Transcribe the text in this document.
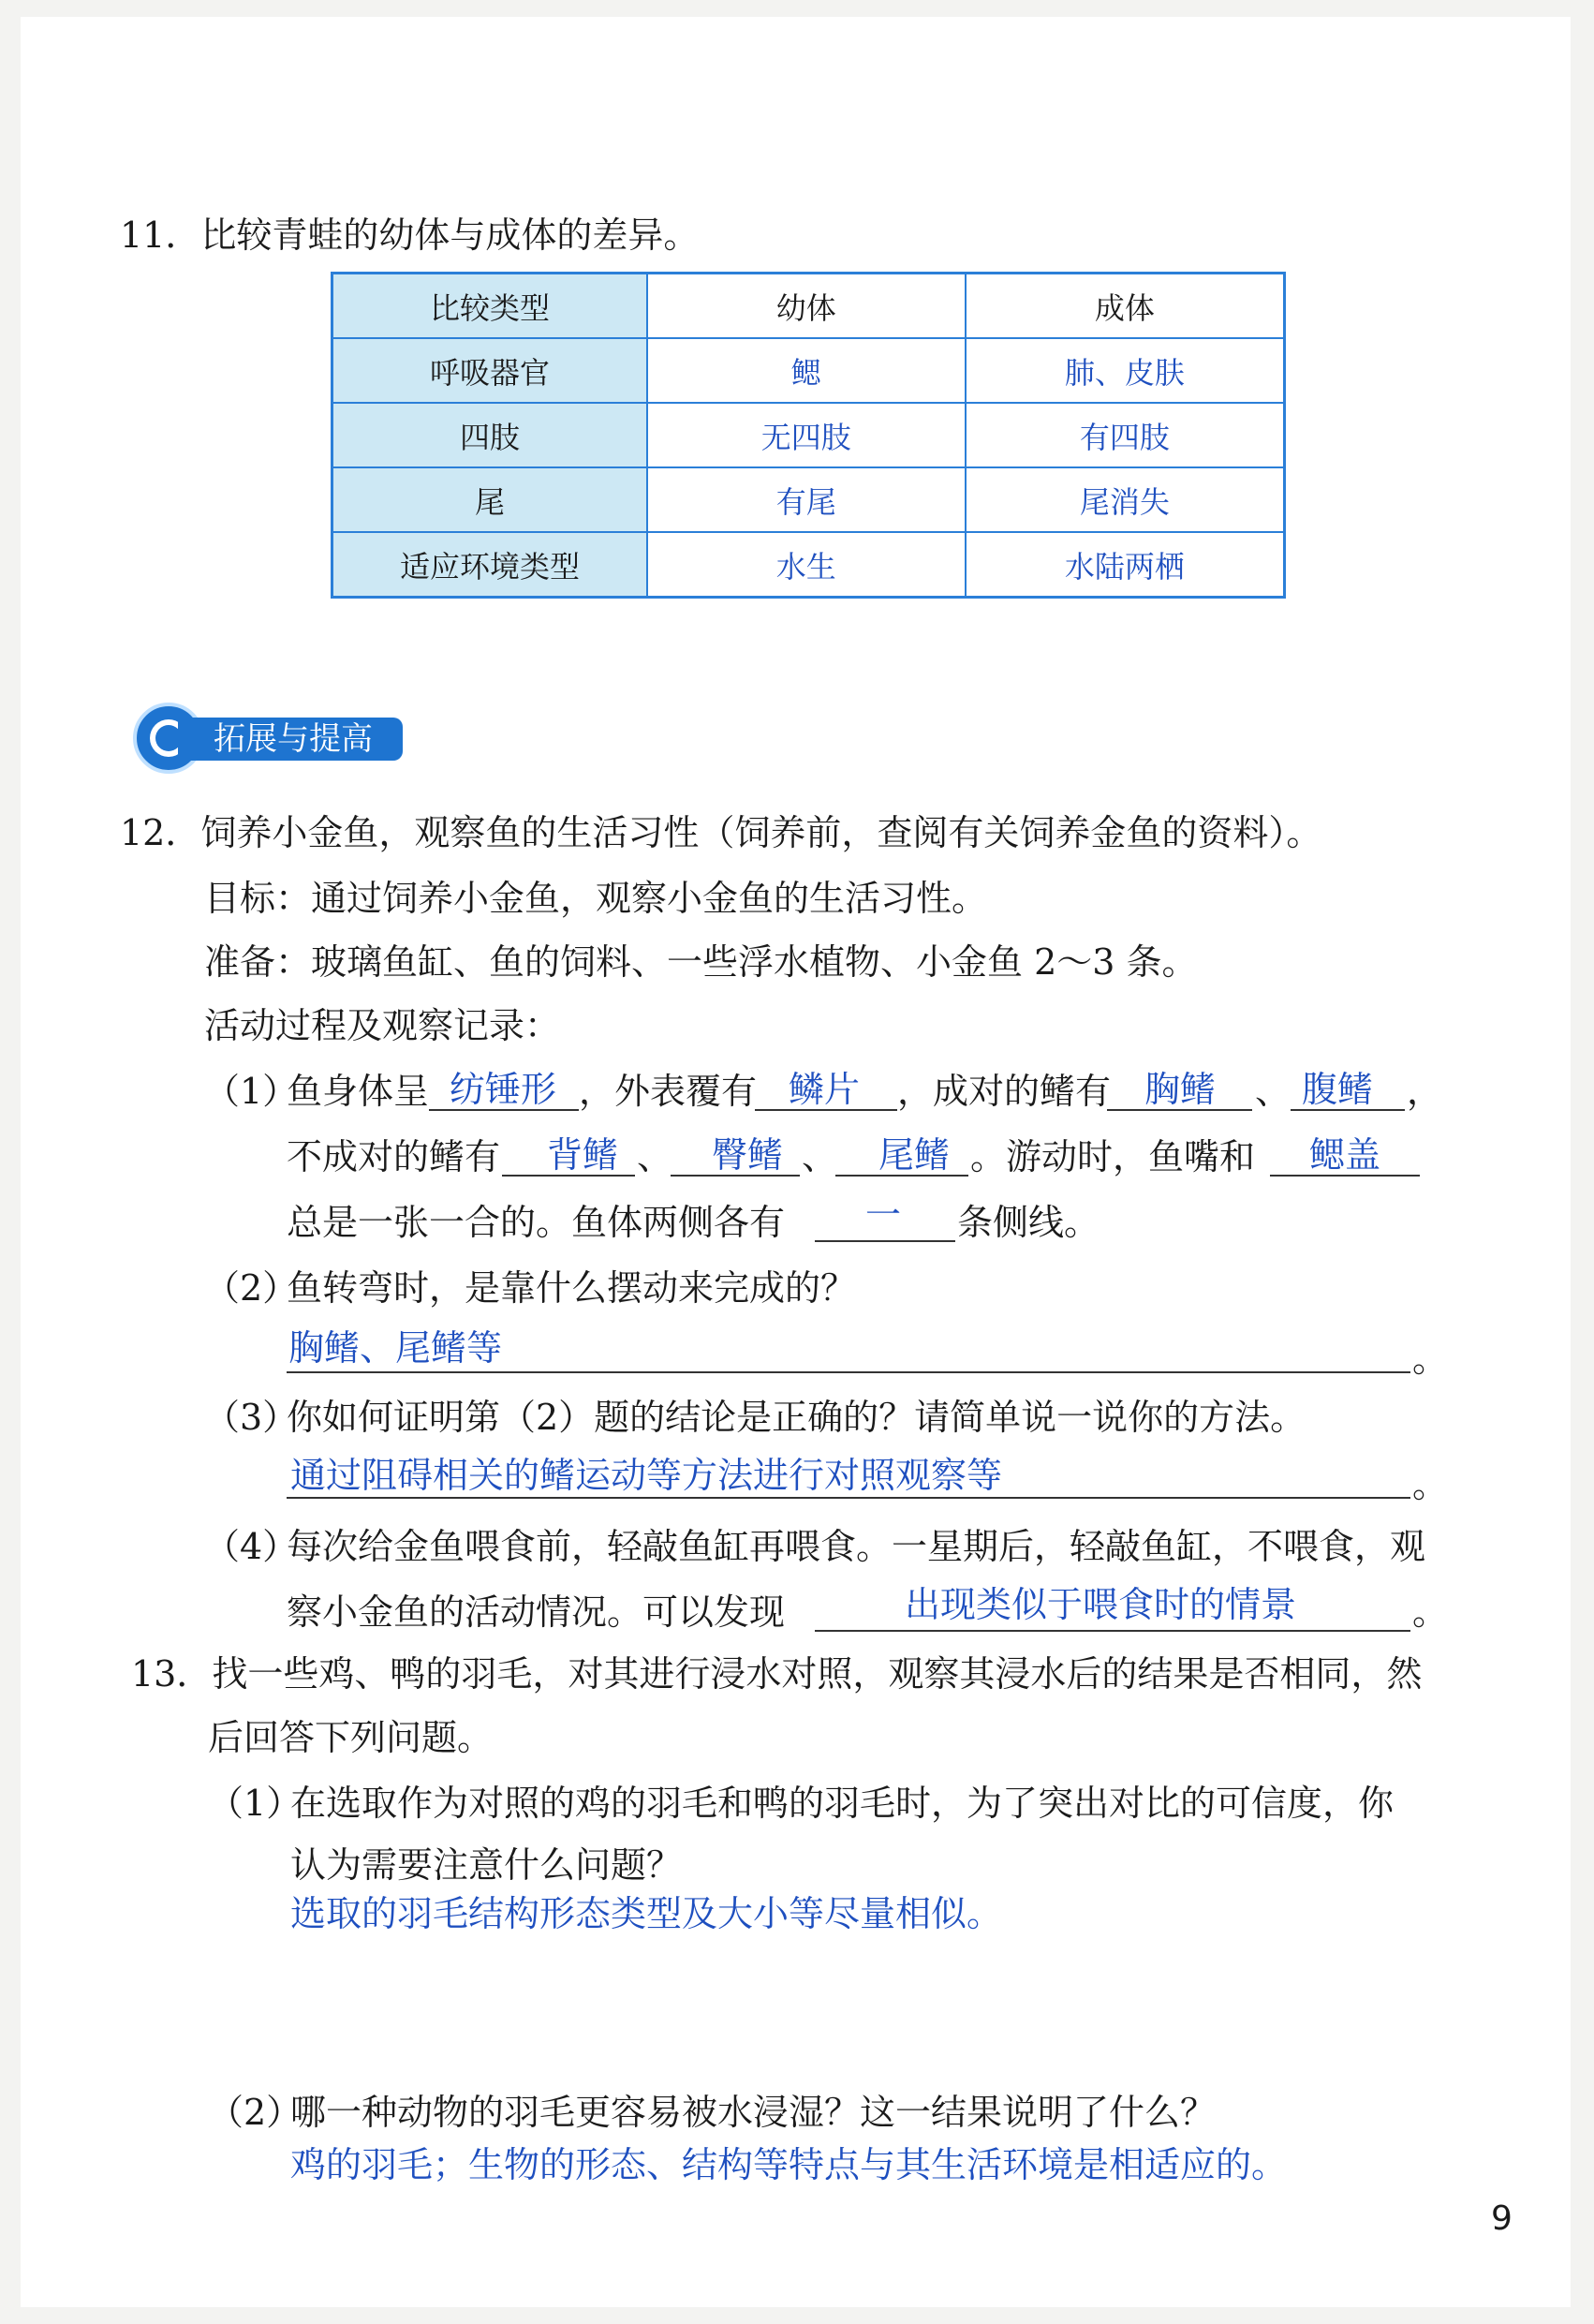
11．比较青蛙的幼体与成体的差异。
比较类型	幼体	成体
呼吸器官	鳃	肺、皮肤
四肢	无四肢	有四肢
尾	有尾	尾消失
适应环境类型	水生	水陆两栖
拓展与提高
12．饲养小金鱼，观察鱼的生活习性（饲养前，查阅有关饲养金鱼的资料）。
目标：通过饲养小金鱼，观察小金鱼的生活习性。
准备：玻璃鱼缸、鱼的饲料、一些浮水植物、小金鱼 2～3 条。
活动过程及观察记录：
（1）
鱼身体呈 纺锤形 ，外表覆有 鳞片 ，成对的鳍有 胸鳍 、 腹鳍 ，
不成对的鳍有 背鳍 、 臀鳍 、 尾鳍 。游动时，鱼嘴和 鳃盖
总是一张一合的。鱼体两侧各有 一 条侧线。
（2）
鱼转弯时，是靠什么摆动来完成的？
胸鳍、尾鳍等	。
（3）
你如何证明第（2）题的结论是正确的？请简单说一说你的方法。
通过阻碍相关的鳍运动等方法进行对照观察等	。
（4）
每次给金鱼喂食前，轻敲鱼缸再喂食。一星期后，轻敲鱼缸，不喂食，观
察小金鱼的活动情况。可以发现	出现类似于喂食时的情景	。
13．找一些鸡、鸭的羽毛，对其进行浸水对照，观察其浸水后的结果是否相同，然
后回答下列问题。
（1）
在选取作为对照的鸡的羽毛和鸭的羽毛时，为了突出对比的可信度，你
认为需要注意什么问题？
选取的羽毛结构形态类型及大小等尽量相似。
（2）
哪一种动物的羽毛更容易被水浸湿？这一结果说明了什么？
鸡的羽毛；生物的形态、结构等特点与其生活环境是相适应的。
9
